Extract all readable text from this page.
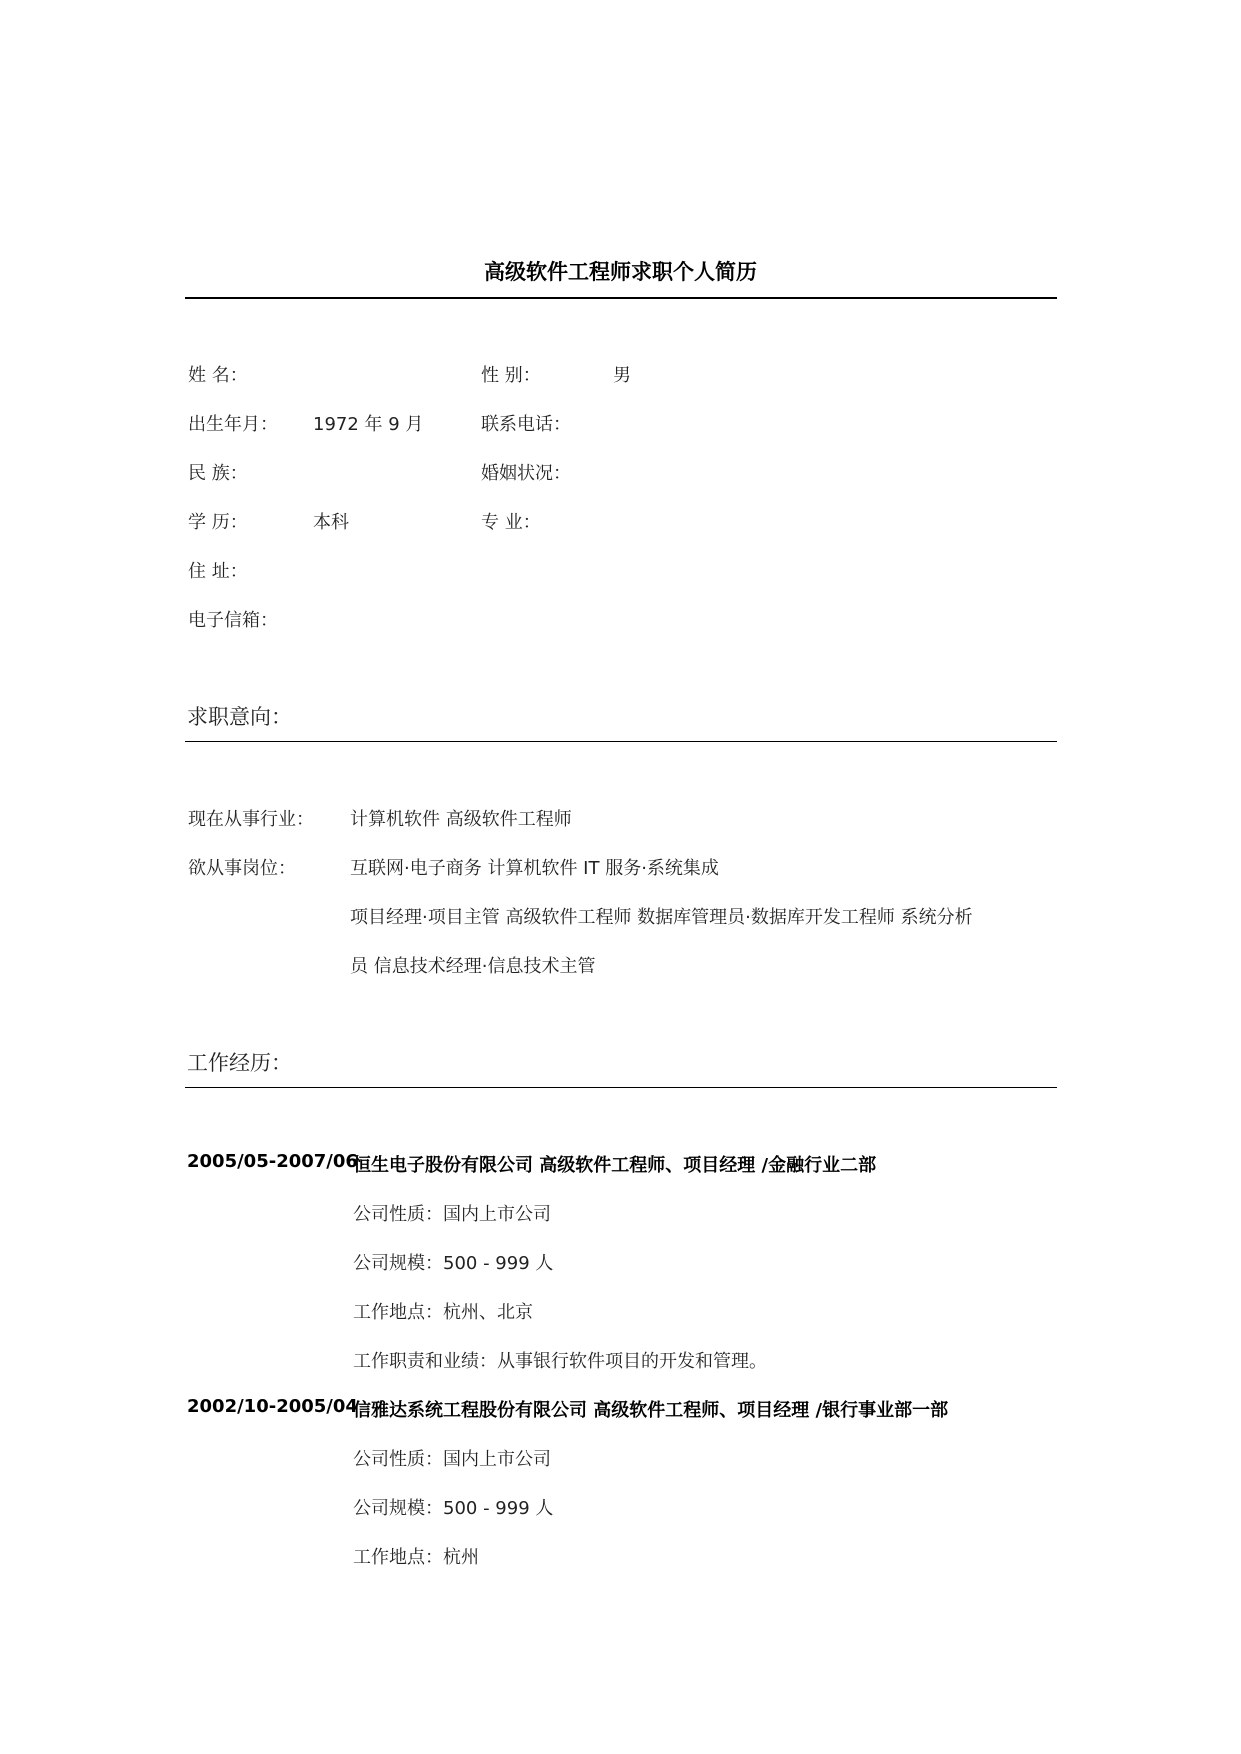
高级软件工程师求职个人简历
姓 名：	性 别：	男
出生年月： 1972 年 9 月	联系电话：
民 族：	婚姻状况：
学 历：	本科	专 业：
住 址：
电子信箱：
求职意向：
现在从事行业： 计算机软件 高级软件工程师
欲从事岗位：	互联网·电子商务 计算机软件 IT 服务·系统集成
项目经理·项目主管 高级软件工程师 数据库管理员·数据库开发工程师 系统分析
员 信息技术经理·信息技术主管
工作经历：
2005/05-2007/06
恒生电子股份有限公司 高级软件工程师、项目经理 /金融行业二部
公司性质：国内上市公司
公司规模：500 - 999 人
工作地点：杭州、北京
工作职责和业绩：从事银行软件项目的开发和管理。
2002/10-2005/04
信雅达系统工程股份有限公司 高级软件工程师、项目经理 /银行事业部一部
公司性质：国内上市公司
公司规模：500 - 999 人
工作地点：杭州
